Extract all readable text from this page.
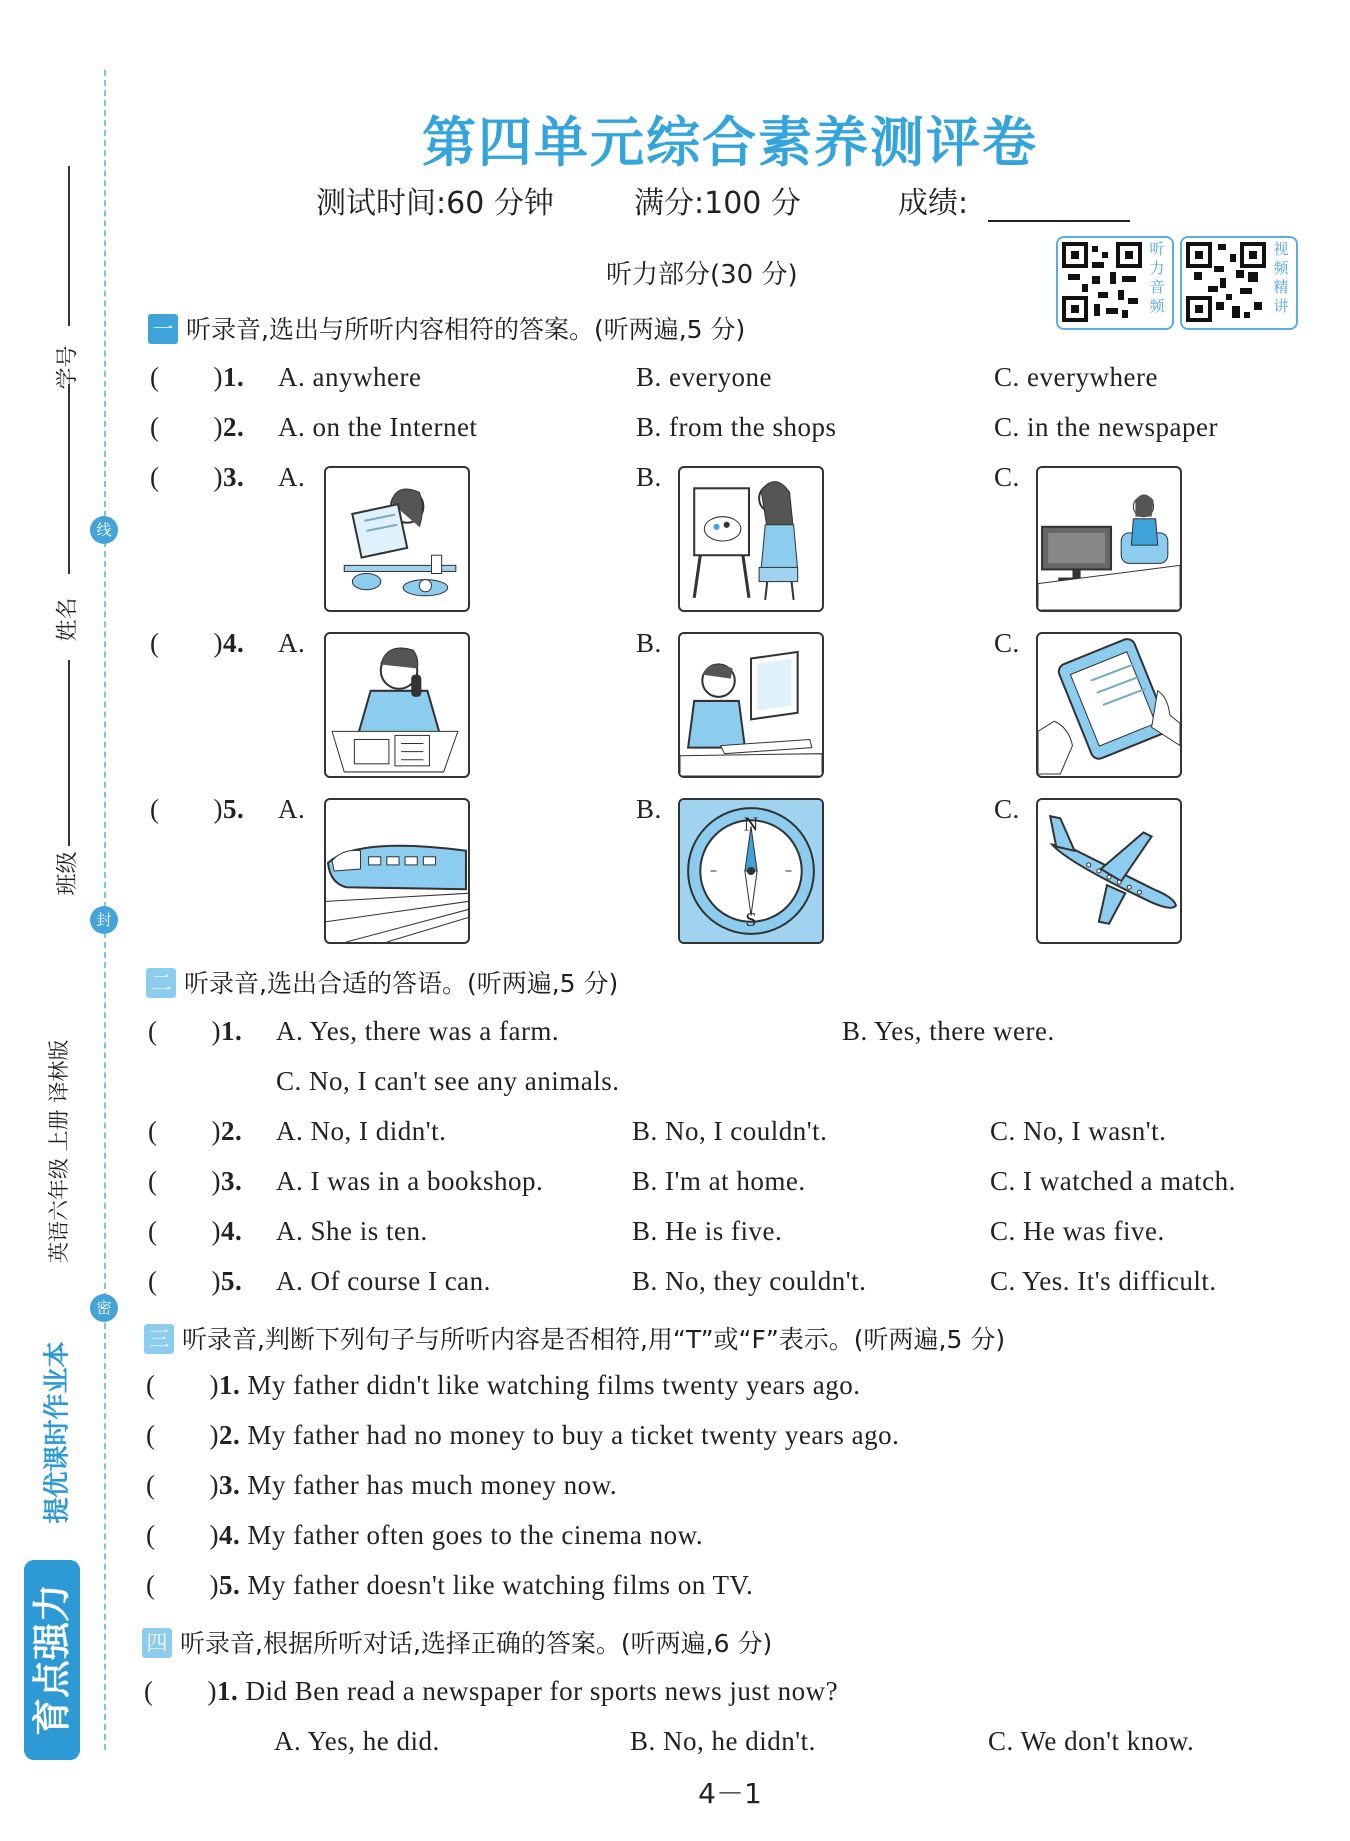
学号
线
姓名
班级
封
英语六年级 上册 译林版
密
提优课时作业本
育点强力
第四单元综合素养测评卷
测试时间:60 分钟	满分:100 分	成绩:
听力部分(30 分)
听力音频
视频精讲
一 听录音,选出与所听内容相符的答案。(听两遍,5 分)
( )1. A. anywhere	B. everyone	C. everywhere
( )2. A. on the Internet	B. from the shops	C. in the newspaper
( )3. A.	B.	C.
( )4. A.	B.	C.
( )5. A.	B.	C.
N
S
二 听录音,选出合适的答语。(听两遍,5 分)
( )1. A. Yes, there was a farm.	B. Yes, there were.
C. No, I can't see any animals.
( )2. A. No, I didn't.	B. No, I couldn't.	C. No, I wasn't.
( )3. A. I was in a bookshop.	B. I'm at home.	C. I watched a match.
( )4. A. She is ten.	B. He is five.	C. He was five.
( )5. A. Of course I can.	B. No, they couldn't.	C. Yes. It's difficult.
三 听录音,判断下列句子与所听内容是否相符,用“T”或“F”表示。(听两遍,5 分)
( )1. My father didn't like watching films twenty years ago.
( )2. My father had no money to buy a ticket twenty years ago.
( )3. My father has much money now.
( )4. My father often goes to the cinema now.
( )5. My father doesn't like watching films on TV.
四 听录音,根据所听对话,选择正确的答案。(听两遍,6 分)
( )1. Did Ben read a newspaper for sports news just now?
A. Yes, he did.	B. No, he didn't.	C. We don't know.
4－1
